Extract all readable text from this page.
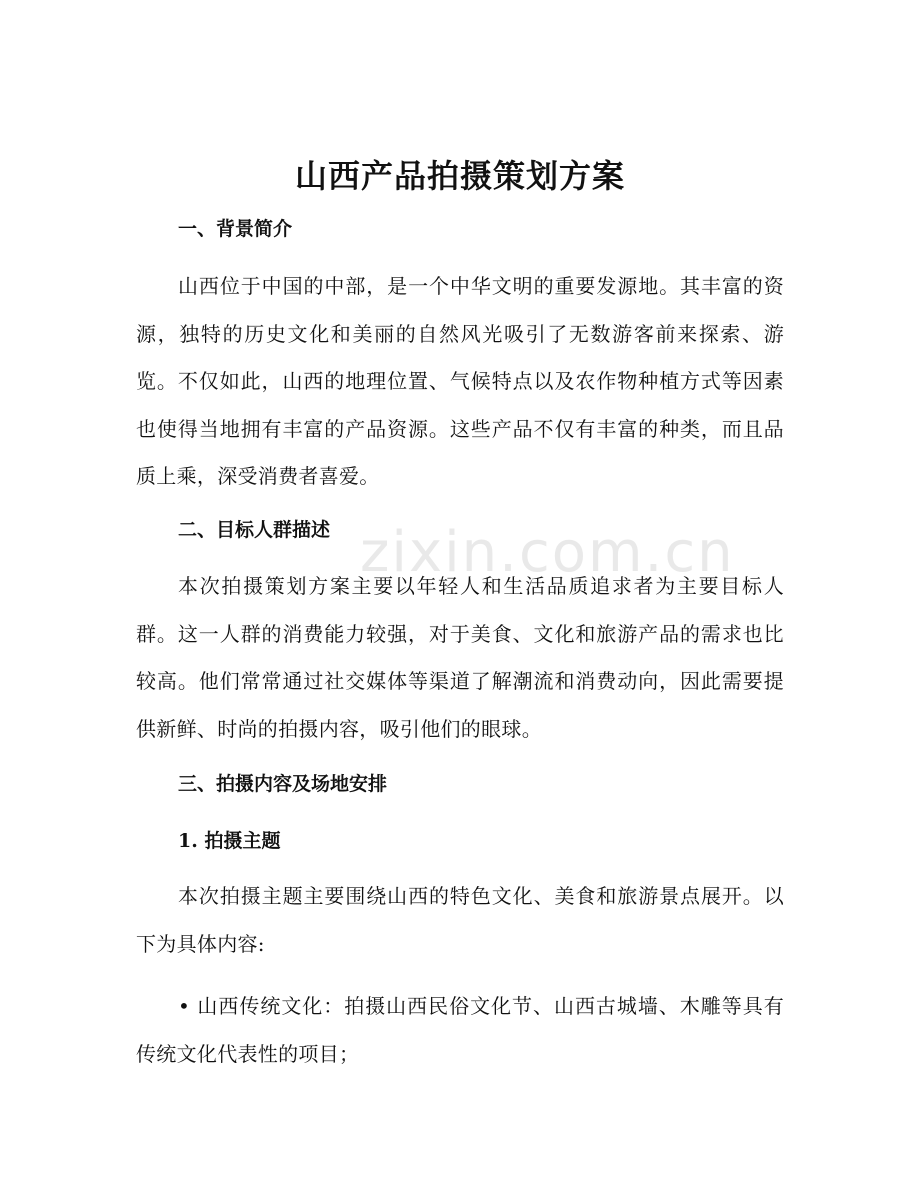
zixin.com.cn
山西产品拍摄策划方案
一、背景简介
山西位于中国的中部，是一个中华文明的重要发源地。其丰富的资源，独特的历史文化和美丽的自然风光吸引了无数游客前来探索、游览。不仅如此，山西的地理位置、气候特点以及农作物种植方式等因素也使得当地拥有丰富的产品资源。这些产品不仅有丰富的种类，而且品质上乘，深受消费者喜爱。
二、目标人群描述
本次拍摄策划方案主要以年轻人和生活品质追求者为主要目标人群。这一人群的消费能力较强，对于美食、文化和旅游产品的需求也比较高。他们常常通过社交媒体等渠道了解潮流和消费动向，因此需要提供新鲜、时尚的拍摄内容，吸引他们的眼球。
三、拍摄内容及场地安排
1. 拍摄主题
本次拍摄主题主要围绕山西的特色文化、美食和旅游景点展开。以下为具体内容:
• 山西传统文化：拍摄山西民俗文化节、山西古城墙、木雕等具有传统文化代表性的项目；
